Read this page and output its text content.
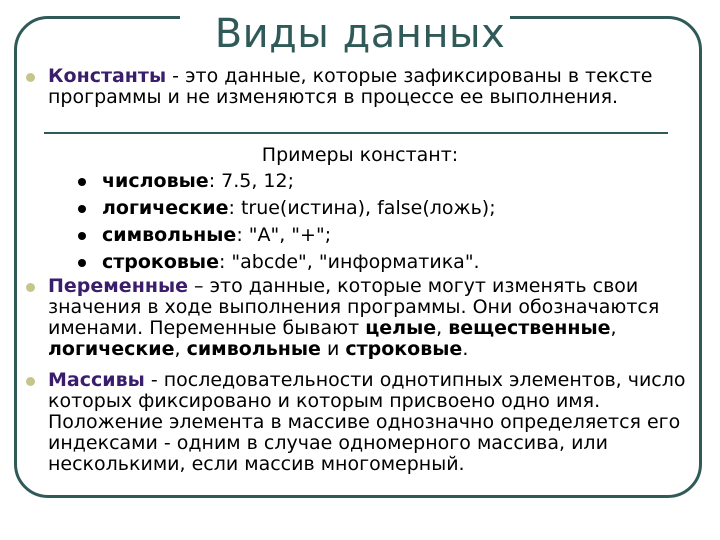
Виды данных
Константы - это данные, которые зафиксированы в тексте программы и не изменяются в процессе ее выполнения.
Примеры констант:
числовые: 7.5, 12;
логические: true(истина), false(ложь);
символьные: "А", "+";
строковые: "abcde", "информатика".
Переменные – это данные, которые могут изменять свои значения в ходе выполнения программы. Они обозначаются именами. Переменные бывают целые, вещественные, логические, символьные и строковые.
Массивы - последовательности однотипных элементов, число которых фиксировано и которым присвоено одно имя. Положение элемента в массиве однозначно определяется его индексами - одним в случае одномерного массива, или несколькими, если массив многомерный.
